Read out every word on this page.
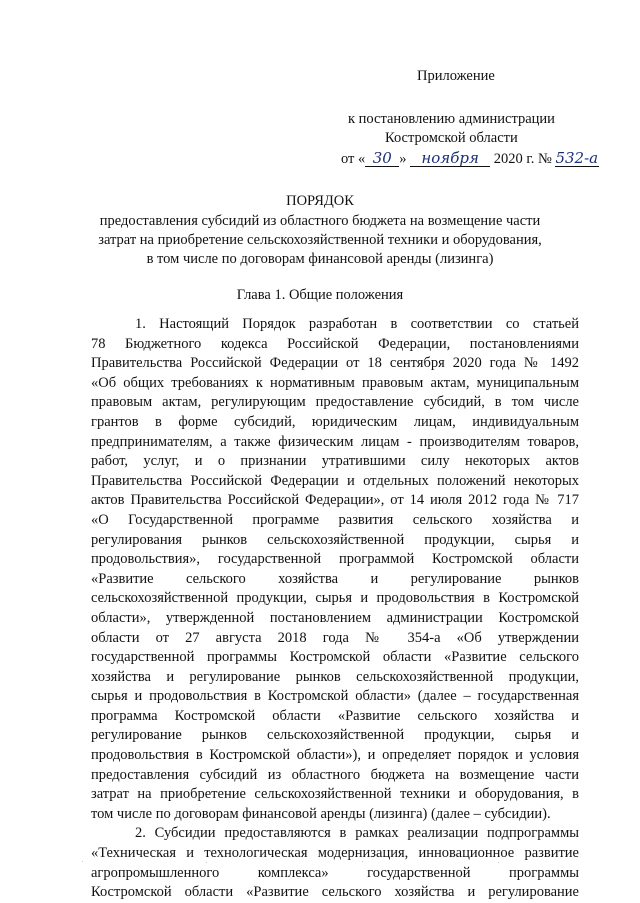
Приложение
к постановлению администрации
Костромской области
от « 30 » ноября 2020 г. № 532-а
ПОРЯДОК
предоставления субсидий из областного бюджета на возмещение части
затрат на приобретение сельскохозяйственной техники и оборудования,
в том числе по договорам финансовой аренды (лизинга)
Глава 1. Общие положения

1. Настоящий Порядок разработан в соответствии со статьей
78 Бюджетного кодекса Российской Федерации, постановлениями
Правительства Российской Федерации от 18 сентября 2020 года № 1492
«Об общих требованиях к нормативным правовым актам, муниципальным
правовым актам, регулирующим предоставление субсидий, в том числе
грантов в форме субсидий, юридическим лицам, индивидуальным
предпринимателям, а также физическим лицам - производителям товаров,
работ, услуг, и о признании утратившими силу некоторых актов
Правительства Российской Федерации и отдельных положений некоторых
актов Правительства Российской Федерации», от 14 июля 2012 года № 717
«О Государственной программе развития сельского хозяйства и
регулирования рынков сельскохозяйственной продукции, сырья и
продовольствия», государственной программой Костромской области
«Развитие сельского хозяйства и регулирование рынков
сельскохозяйственной продукции, сырья и продовольствия в Костромской
области», утвержденной постановлением администрации Костромской
области от 27 августа 2018 года № 354-а «Об утверждении
государственной программы Костромской области «Развитие сельского
хозяйства и регулирование рынков сельскохозяйственной продукции,
сырья и продовольствия в Костромской области» (далее – государственная
программа Костромской области «Развитие сельского хозяйства и
регулирование рынков сельскохозяйственной продукции, сырья и
продовольствия в Костромской области»), и определяет порядок и условия
предоставления субсидий из областного бюджета на возмещение части
затрат на приобретение сельскохозяйственной техники и оборудования, в
том числе по договорам финансовой аренды (лизинга) (далее – субсидии).

2. Субсидии предоставляются в рамках реализации подпрограммы
«Техническая и технологическая модернизация, инновационное развитие
агропромышленного комплекса» государственной программы
Костромской области «Развитие сельского хозяйства и регулирование
